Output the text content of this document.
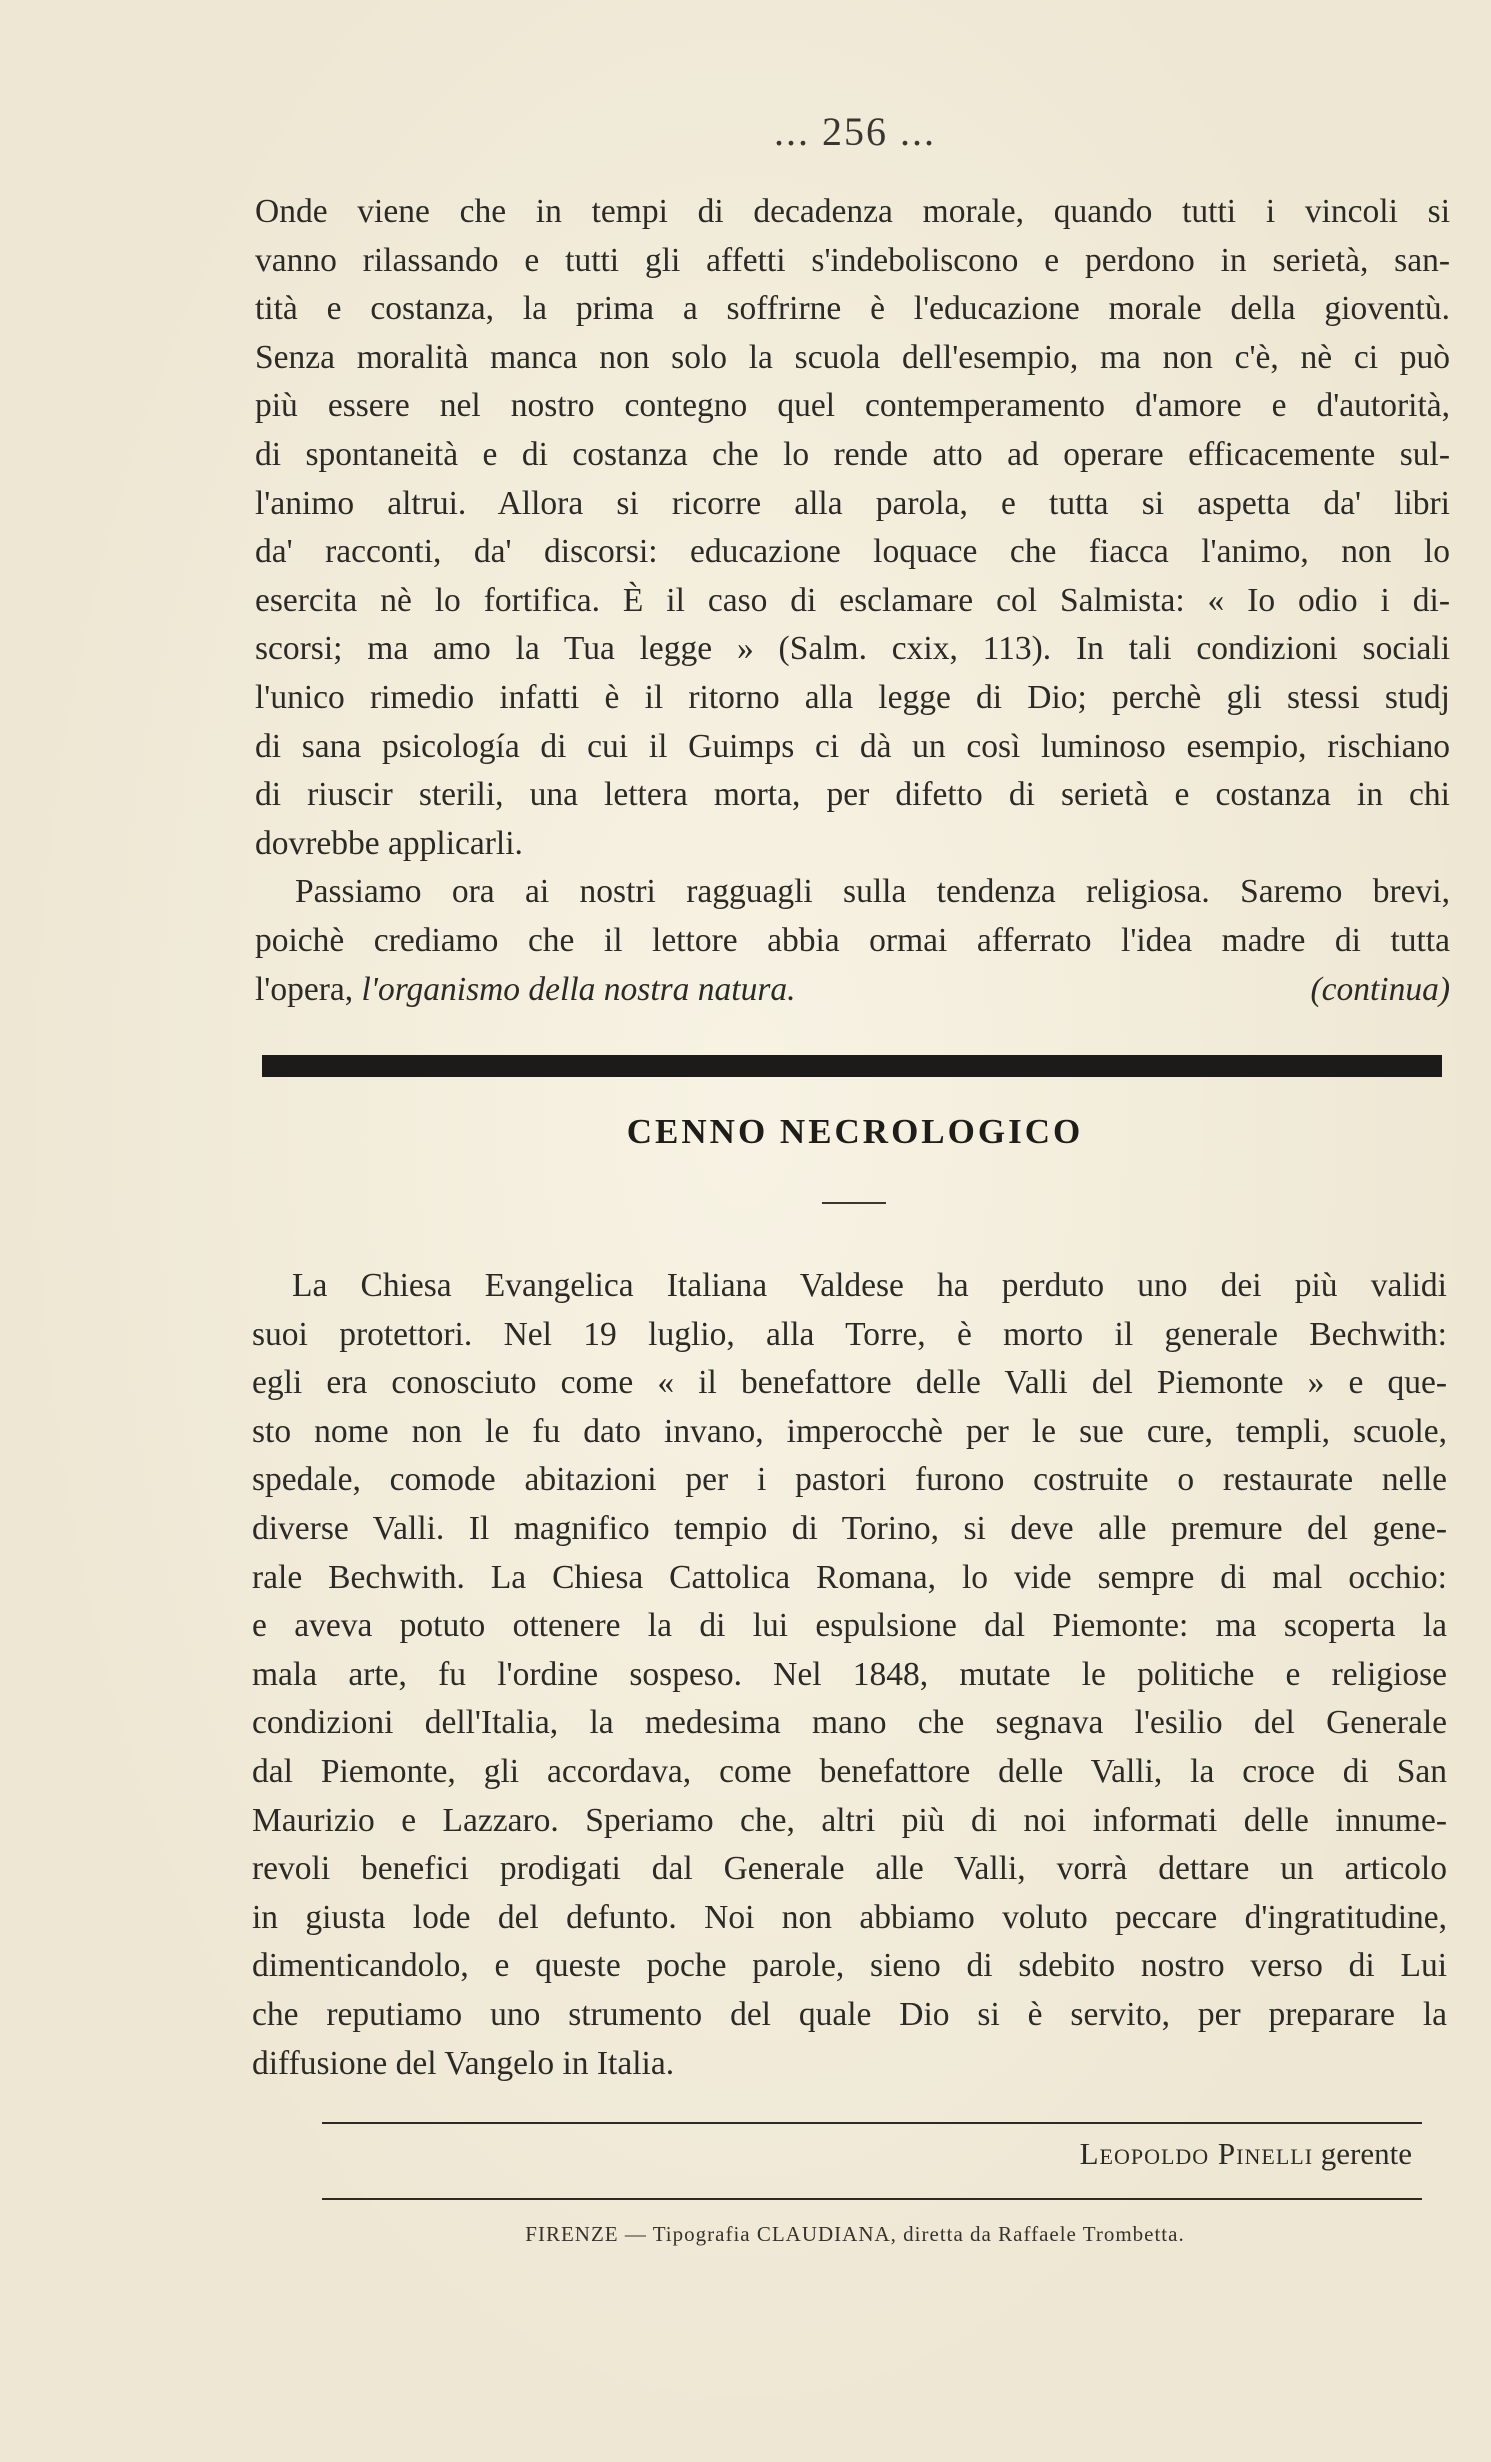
... 256 ...
Onde viene che in tempi di decadenza morale, quando tutti i vincoli si
vanno rilassando e tutti gli affetti s'indeboliscono e perdono in serietà, san-
tità e costanza, la prima a soffrirne è l'educazione morale della gioventù.
Senza moralità manca non solo la scuola dell'esempio, ma non c'è, nè ci può
più essere nel nostro contegno quel contemperamento d'amore e d'autorità,
di spontaneità e di costanza che lo rende atto ad operare efficacemente sul-
l'animo altrui. Allora si ricorre alla parola, e tutta si aspetta da' libri
da' racconti, da' discorsi: educazione loquace che fiacca l'animo, non lo
esercita nè lo fortifica. È il caso di esclamare col Salmista: « Io odio i di-
scorsi; ma amo la Tua legge » (Salm. cxix, 113). In tali condizioni sociali
l'unico rimedio infatti è il ritorno alla legge di Dio; perchè gli stessi studj
di sana psicología di cui il Guimps ci dà un così luminoso esempio, rischiano
di riuscir sterili, una lettera morta, per difetto di serietà e costanza in chi
dovrebbe applicarli.
Passiamo ora ai nostri ragguagli sulla tendenza religiosa. Saremo brevi,
poichè crediamo che il lettore abbia ormai afferrato l'idea madre di tutta
l'opera, l'organismo della nostra natura.	(continua)
CENNO NECROLOGICO
La Chiesa Evangelica Italiana Valdese ha perduto uno dei più validi
suoi protettori. Nel 19 luglio, alla Torre, è morto il generale Bechwith:
egli era conosciuto come « il benefattore delle Valli del Piemonte » e que-
sto nome non le fu dato invano, imperocchè per le sue cure, templi, scuole,
spedale, comode abitazioni per i pastori furono costruite o restaurate nelle
diverse Valli. Il magnifico tempio di Torino, si deve alle premure del gene-
rale Bechwith. La Chiesa Cattolica Romana, lo vide sempre di mal occhio:
e aveva potuto ottenere la di lui espulsione dal Piemonte: ma scoperta la
mala arte, fu l'ordine sospeso. Nel 1848, mutate le politiche e religiose
condizioni dell'Italia, la medesima mano che segnava l'esilio del Generale
dal Piemonte, gli accordava, come benefattore delle Valli, la croce di San
Maurizio e Lazzaro. Speriamo che, altri più di noi informati delle innume-
revoli benefici prodigati dal Generale alle Valli, vorrà dettare un articolo
in giusta lode del defunto. Noi non abbiamo voluto peccare d'ingratitudine,
dimenticandolo, e queste poche parole, sieno di sdebito nostro verso di Lui
che reputiamo uno strumento del quale Dio si è servito, per preparare la
diffusione del Vangelo in Italia.
Leopoldo Pinelli gerente
FIRENZE — Tipografia CLAUDIANA, diretta da Raffaele Trombetta.
